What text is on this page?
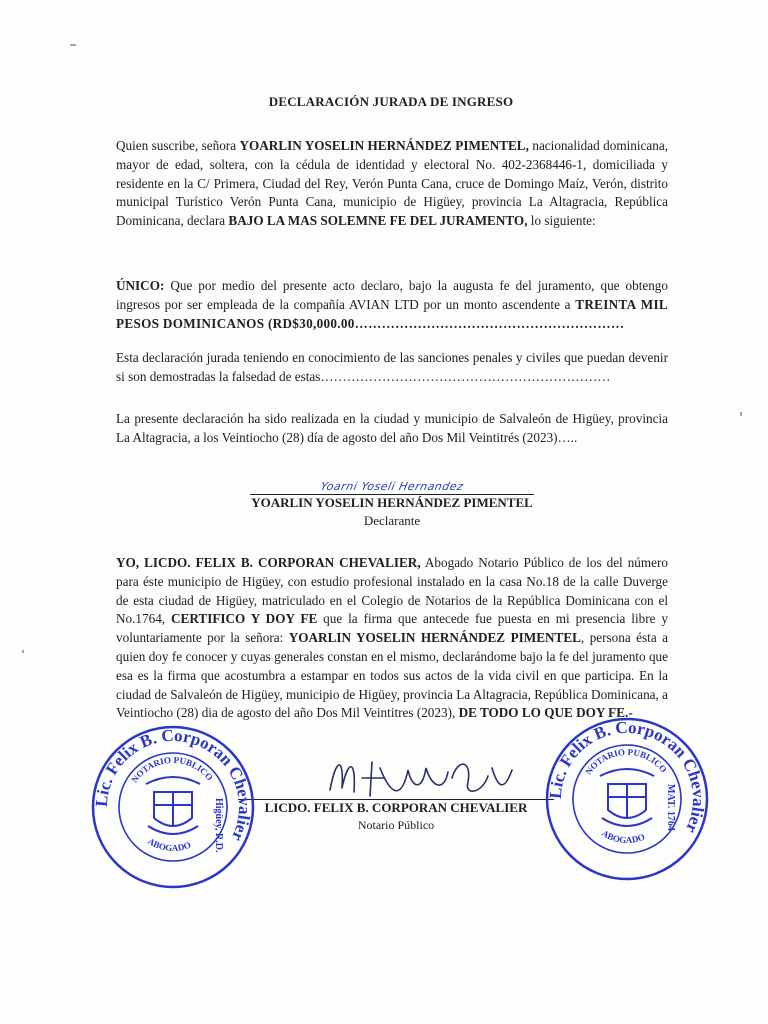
DECLARACIÓN JURADA DE INGRESO

Quien suscribe, señora YOARLIN YOSELIN HERNÁNDEZ PIMENTEL, nacionalidad dominicana, mayor de edad, soltera, con la cédula de identidad y electoral No. 402-2368446-1, domiciliada y residente en la C/ Primera, Ciudad del Rey, Verón Punta Cana, cruce de Domingo Maíz, Verón, distrito municipal Turístico Verón Punta Cana, municipio de Higüey, provincia La Altagracia, República Dominicana, declara BAJO LA MAS SOLEMNE FE DEL JURAMENTO, lo siguiente:

ÚNICO: Que por medio del presente acto declaro, bajo la augusta fe del juramento, que obtengo ingresos por ser empleada de la compañía AVIAN LTD por un monto ascendente a TREINTA MIL PESOS DOMINICANOS (RD$30,000.00……………………………………………………

Esta declaración jurada teniendo en conocimiento de las sanciones penales y civiles que puedan devenir si son demostradas la falsedad de estas…………………………………………………………

La presente declaración ha sido realizada en la ciudad y municipio de Salvaleón de Higüey, provincia La Altagracia, a los Veintiocho (28) día de agosto del año Dos Mil Veintitrés (2023)…..

Yoarni Yoseli Hernandez
YOARLIN YOSELIN HERNÁNDEZ PIMENTEL
Declarante

YO, LICDO. FELIX B. CORPORAN CHEVALIER, Abogado Notario Público de los del número para éste municipio de Higüey, con estudio profesional instalado en la casa No.18 de la calle Duverge de esta ciudad de Higüey, matriculado en el Colegio de Notarios de la República Dominicana con el No.1764, CERTIFICO Y DOY FE que la firma que antecede fue puesta en mi presencia libre y voluntariamente por la señora: YOARLIN YOSELIN HERNÁNDEZ PIMENTEL, persona ésta a quien doy fe conocer y cuyas generales constan en el mismo, declarándome bajo la fe del juramento que esa es la firma que acostumbra a estampar en todos sus actos de la vida civil en que participa. En la ciudad de Salvaleón de Higüey, municipio de Higüey, provincia La Altagracia, República Dominicana, a Veintiocho (28) dia de agosto del año Dos Mil Veintitres (2023), DE TODO LO QUE DOY FE.-

LICDO. FELIX B. CORPORAN CHEVALIER
Notario Público
Lic. Felix B. Corporan Chevalier
NOTARIO PUBLICO
ABOGADO Higüey, R.D.
Lic. Felix B. Corporan Chevalier
NOTARIO PUBLICO
ABOGADO
MAT. 1764
